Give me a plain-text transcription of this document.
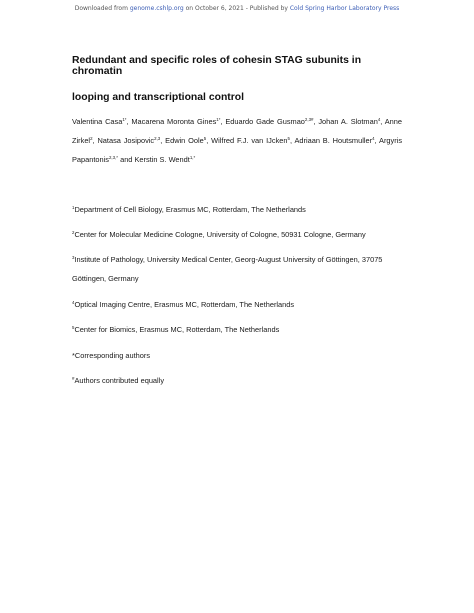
Downloaded from genome.cshlp.org on October 6, 2021 - Published by Cold Spring Harbor Laboratory Press
Redundant and specific roles of cohesin STAG subunits in chromatin
looping and transcriptional control
Valentina Casa$^{1*}$, Macarena Moronta Gines$^{1*}$, Eduardo Gade Gusmao$^{2,3\#}$, Johan A. Slotman$^4$, Anne Zirkel$^2$, Natasa Josipovic$^{2,3}$, Edwin Oole$^5$, Wilfred F.J. van IJcken$^5$, Adriaan B. Houtsmuller$^4$, Argyris Papantonis$^{2,3,*}$ and Kerstin S. Wendt$^{1,*}$
$^1$Department of Cell Biology, Erasmus MC, Rotterdam, The Netherlands
$^2$Center for Molecular Medicine Cologne, University of Cologne, 50931 Cologne, Germany
$^3$Institute of Pathology, University Medical Center, Georg-August University of Göttingen, 37075 Göttingen, Germany
$^4$Optical Imaging Centre, Erasmus MC, Rotterdam, The Netherlands
$^5$Center for Biomics, Erasmus MC, Rotterdam, The Netherlands
*Corresponding authors
#Authors contributed equally
